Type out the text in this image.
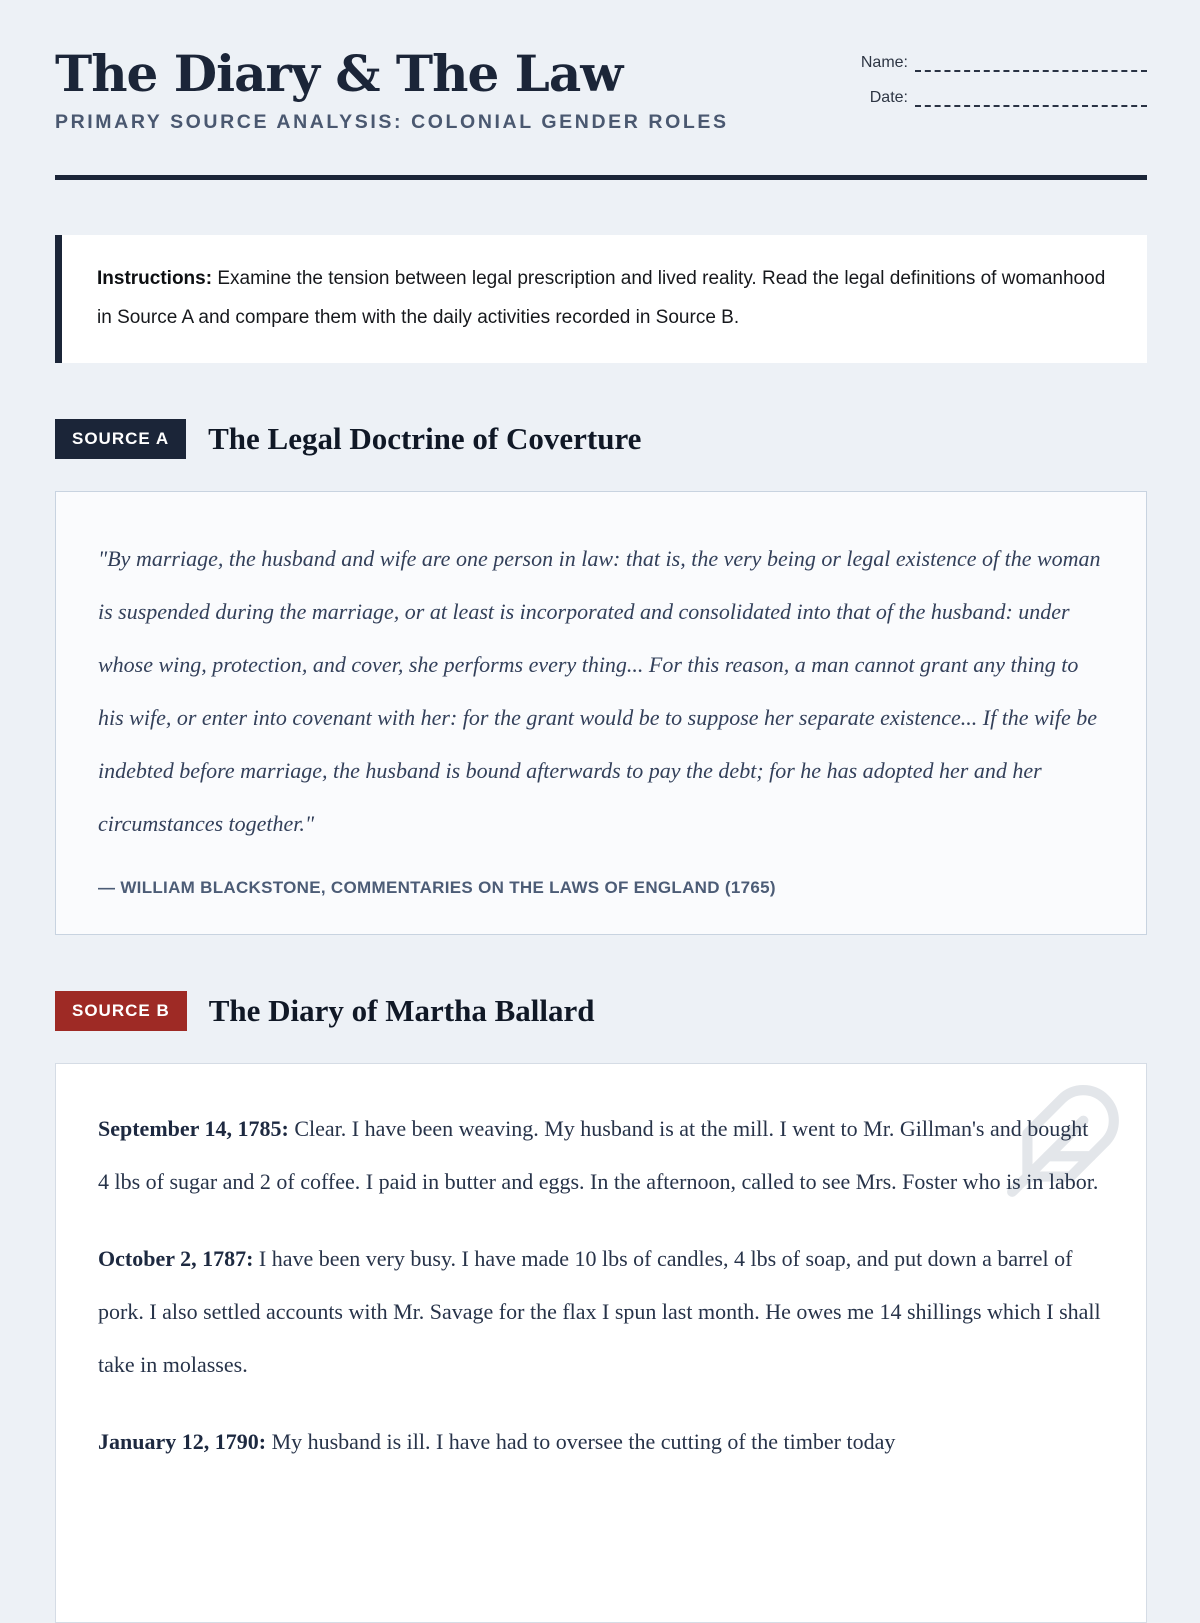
The Diary & The Law
PRIMARY SOURCE ANALYSIS: COLONIAL GENDER ROLES
Name:
Date:
Instructions: Examine the tension between legal prescription and lived reality. Read the legal definitions of womanhood in Source A and compare them with the daily activities recorded in Source B.
SOURCE A	The Legal Doctrine of Coverture
"By marriage, the husband and wife are one person in law: that is, the very being or legal existence of the woman is suspended during the marriage, or at least is incorporated and consolidated into that of the husband: under whose wing, protection, and cover, she performs every thing... For this reason, a man cannot grant any thing to his wife, or enter into covenant with her: for the grant would be to suppose her separate existence... If the wife be indebted before marriage, the husband is bound afterwards to pay the debt; for he has adopted her and her circumstances together."
— WILLIAM BLACKSTONE, COMMENTARIES ON THE LAWS OF ENGLAND (1765)
SOURCE B	The Diary of Martha Ballard

September 14, 1785: Clear. I have been weaving. My husband is at the mill. I went to Mr. Gillman's and bought 4 lbs of sugar and 2 of coffee. I paid in butter and eggs. In the afternoon, called to see Mrs. Foster who is in labor.

October 2, 1787: I have been very busy. I have made 10 lbs of candles, 4 lbs of soap, and put down a barrel of pork. I also settled accounts with Mr. Savage for the flax I spun last month. He owes me 14 shillings which I shall take in molasses.

January 12, 1790: My husband is ill. I have had to oversee the cutting of the timber today
